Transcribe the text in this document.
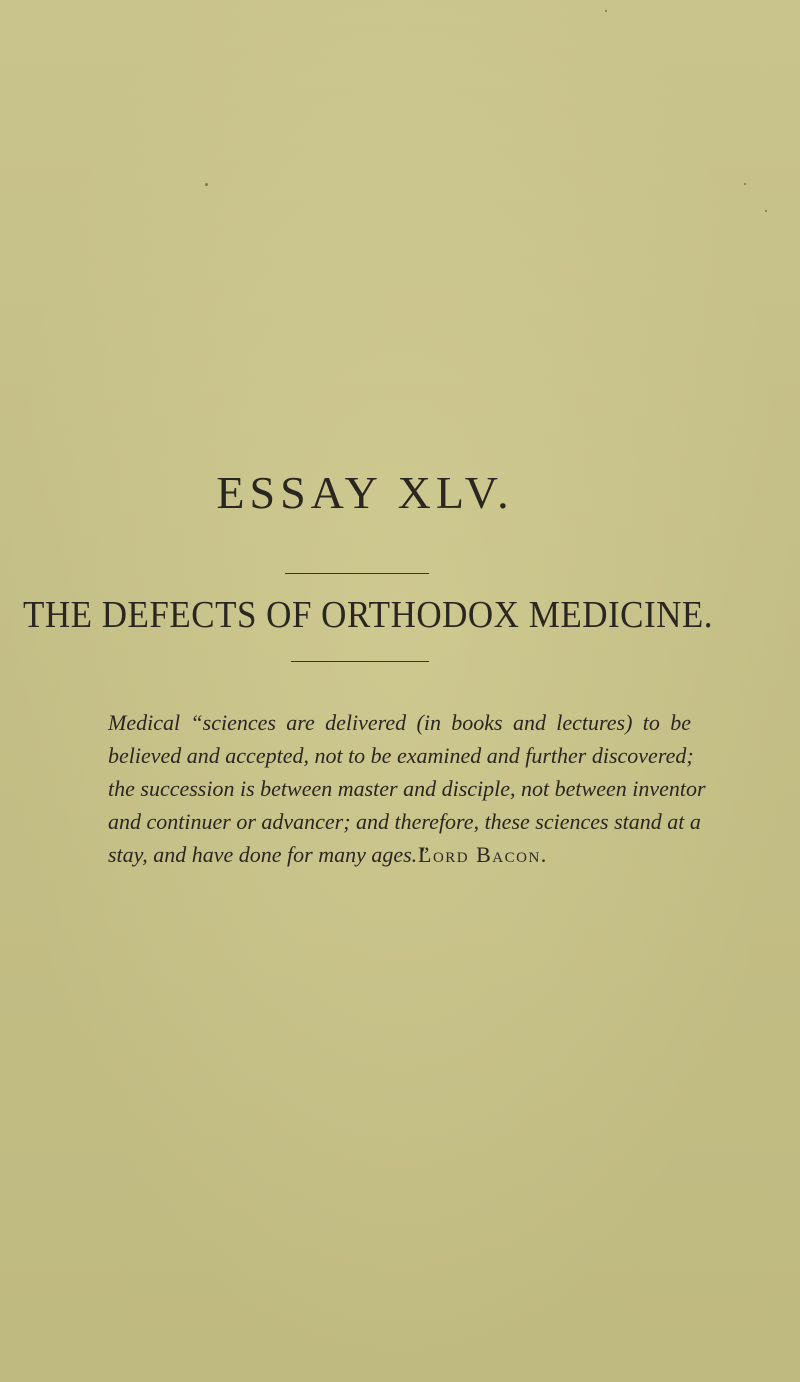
ESSAY XLV.
THE DEFECTS OF ORTHODOX MEDICINE.

Medical “sciences are delivered (in books and lectures) to be
believed and accepted, not to be examined and further discovered;
the succession is between master and disciple, not between inventor
and continuer or advancer; and therefore, these sciences stand at a
stay, and have done for many ages.”

Lord Bacon.
